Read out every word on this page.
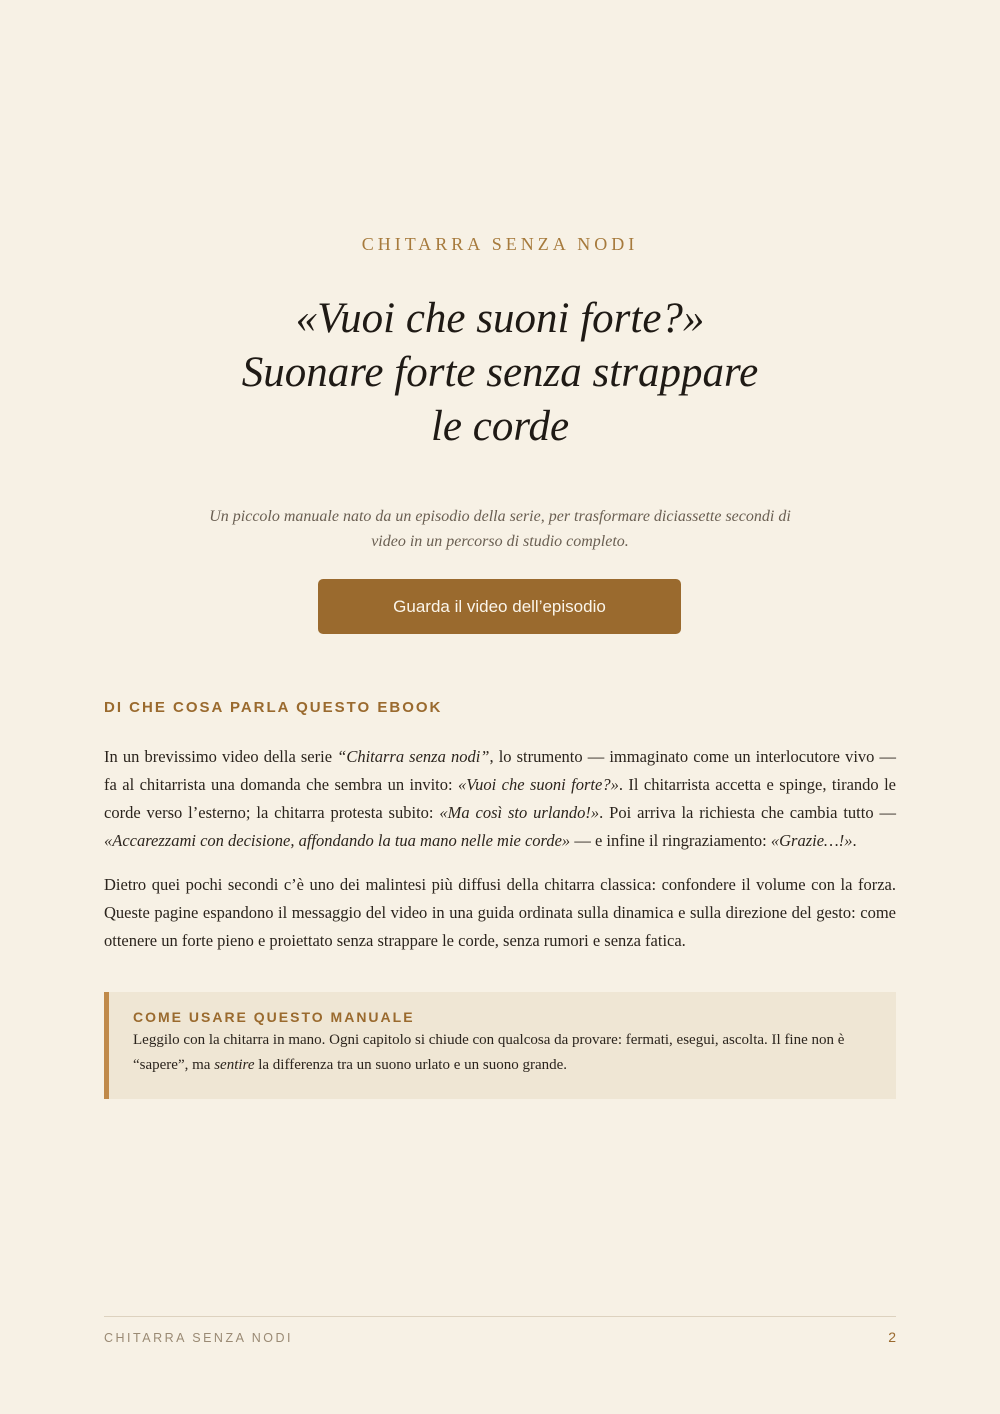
CHITARRA SENZA NODI
«Vuoi che suoni forte?»
Suonare forte senza strappare
le corde
Un piccolo manuale nato da un episodio della serie, per trasformare diciassette secondi di video in un percorso di studio completo.
Guarda il video dell’episodio
DI CHE COSA PARLA QUESTO EBOOK

In un brevissimo video della serie “Chitarra senza nodi”, lo strumento — immaginato come un interlocutore vivo — fa al chitarrista una domanda che sembra un invito: «Vuoi che suoni forte?». Il chitarrista accetta e spinge, tirando le corde verso l’esterno; la chitarra protesta subito: «Ma così sto urlando!». Poi arriva la richiesta che cambia tutto — «Accarezzami con decisione, affondando la tua mano nelle mie corde» — e infine il ringraziamento: «Grazie…!».

Dietro quei pochi secondi c’è uno dei malintesi più diffusi della chitarra classica: confondere il volume con la forza. Queste pagine espandono il messaggio del video in una guida ordinata sulla dinamica e sulla direzione del gesto: come ottenere un forte pieno e proiettato senza strappare le corde, senza rumori e senza fatica.

COME USARE QUESTO MANUALE
Leggilo con la chitarra in mano. Ogni capitolo si chiude con qualcosa da provare: fermati, esegui, ascolta. Il fine non è “sapere”, ma sentire la differenza tra un suono urlato e un suono grande.
CHITARRA SENZA NODI	2
